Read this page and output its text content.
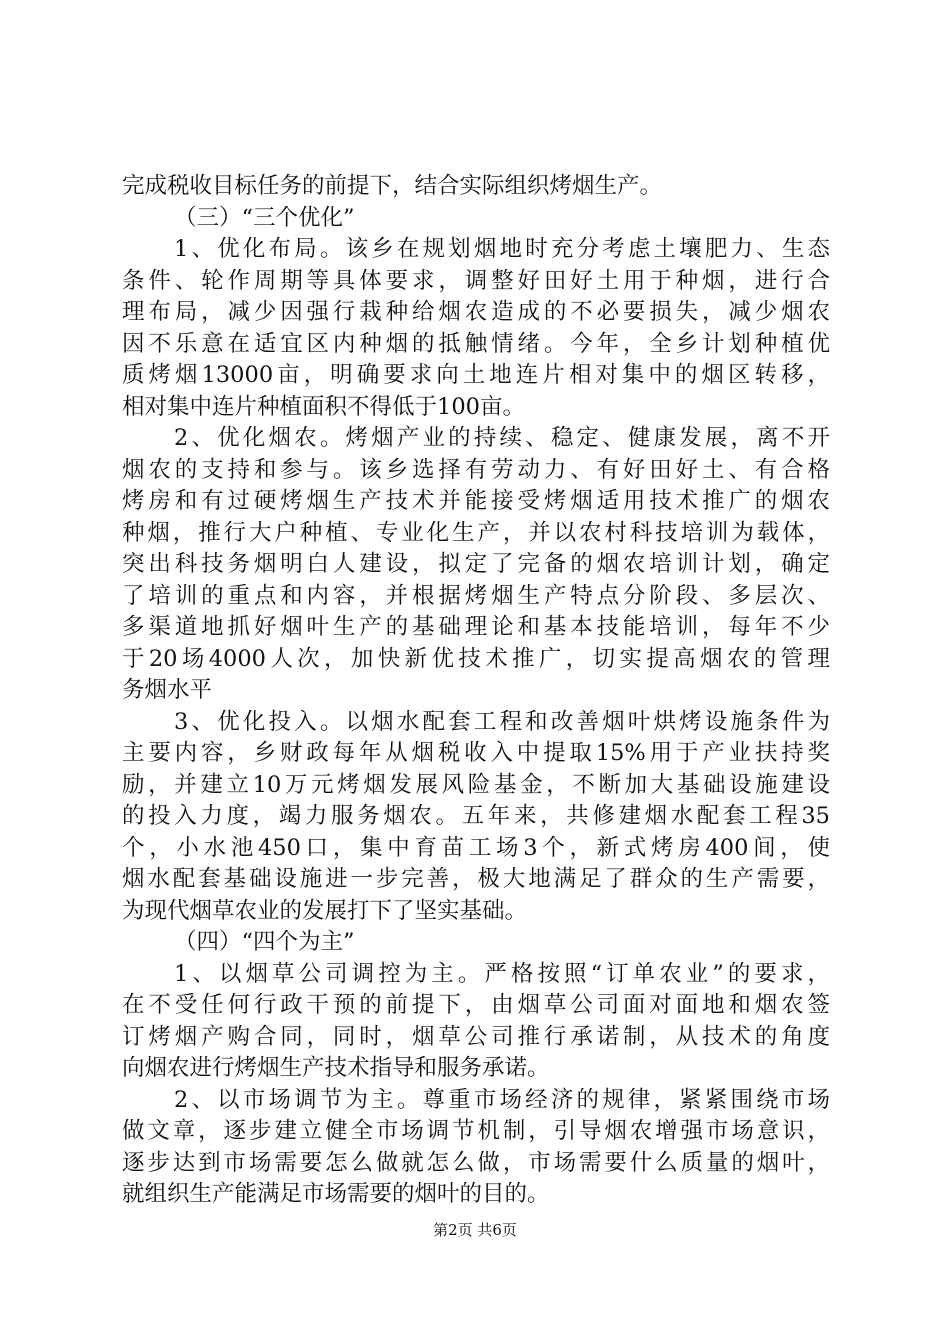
完成税收目标任务的前提下，结合实际组织烤烟生产。
（三）“三个优化”
1、优化布局。该乡在规划烟地时充分考虑土壤肥力、生态
条件、轮作周期等具体要求，调整好田好土用于种烟，进行合
理布局，减少因强行栽种给烟农造成的不必要损失，减少烟农
因不乐意在适宜区内种烟的抵触情绪。今年，全乡计划种植优
质烤烟13000亩，明确要求向土地连片相对集中的烟区转移，
相对集中连片种植面积不得低于100亩。
2、优化烟农。烤烟产业的持续、稳定、健康发展，离不开
烟农的支持和参与。该乡选择有劳动力、有好田好土、有合格
烤房和有过硬烤烟生产技术并能接受烤烟适用技术推广的烟农
种烟，推行大户种植、专业化生产，并以农村科技培训为载体，
突出科技务烟明白人建设，拟定了完备的烟农培训计划，确定
了培训的重点和内容，并根据烤烟生产特点分阶段、多层次、
多渠道地抓好烟叶生产的基础理论和基本技能培训，每年不少
于20场4000人次，加快新优技术推广，切实提高烟农的管理
务烟水平
3、优化投入。以烟水配套工程和改善烟叶烘烤设施条件为
主要内容，乡财政每年从烟税收入中提取15%用于产业扶持奖
励，并建立10万元烤烟发展风险基金，不断加大基础设施建设
的投入力度，竭力服务烟农。五年来，共修建烟水配套工程35
个，小水池450口，集中育苗工场3个，新式烤房400间，使
烟水配套基础设施进一步完善，极大地满足了群众的生产需要，
为现代烟草农业的发展打下了坚实基础。
（四）“四个为主”
1、以烟草公司调控为主。严格按照“订单农业”的要求，
在不受任何行政干预的前提下，由烟草公司面对面地和烟农签
订烤烟产购合同，同时，烟草公司推行承诺制，从技术的角度
向烟农进行烤烟生产技术指导和服务承诺。
2、以市场调节为主。尊重市场经济的规律，紧紧围绕市场
做文章，逐步建立健全市场调节机制，引导烟农增强市场意识，
逐步达到市场需要怎么做就怎么做，市场需要什么质量的烟叶，
就组织生产能满足市场需要的烟叶的目的。
第2页 共6页
